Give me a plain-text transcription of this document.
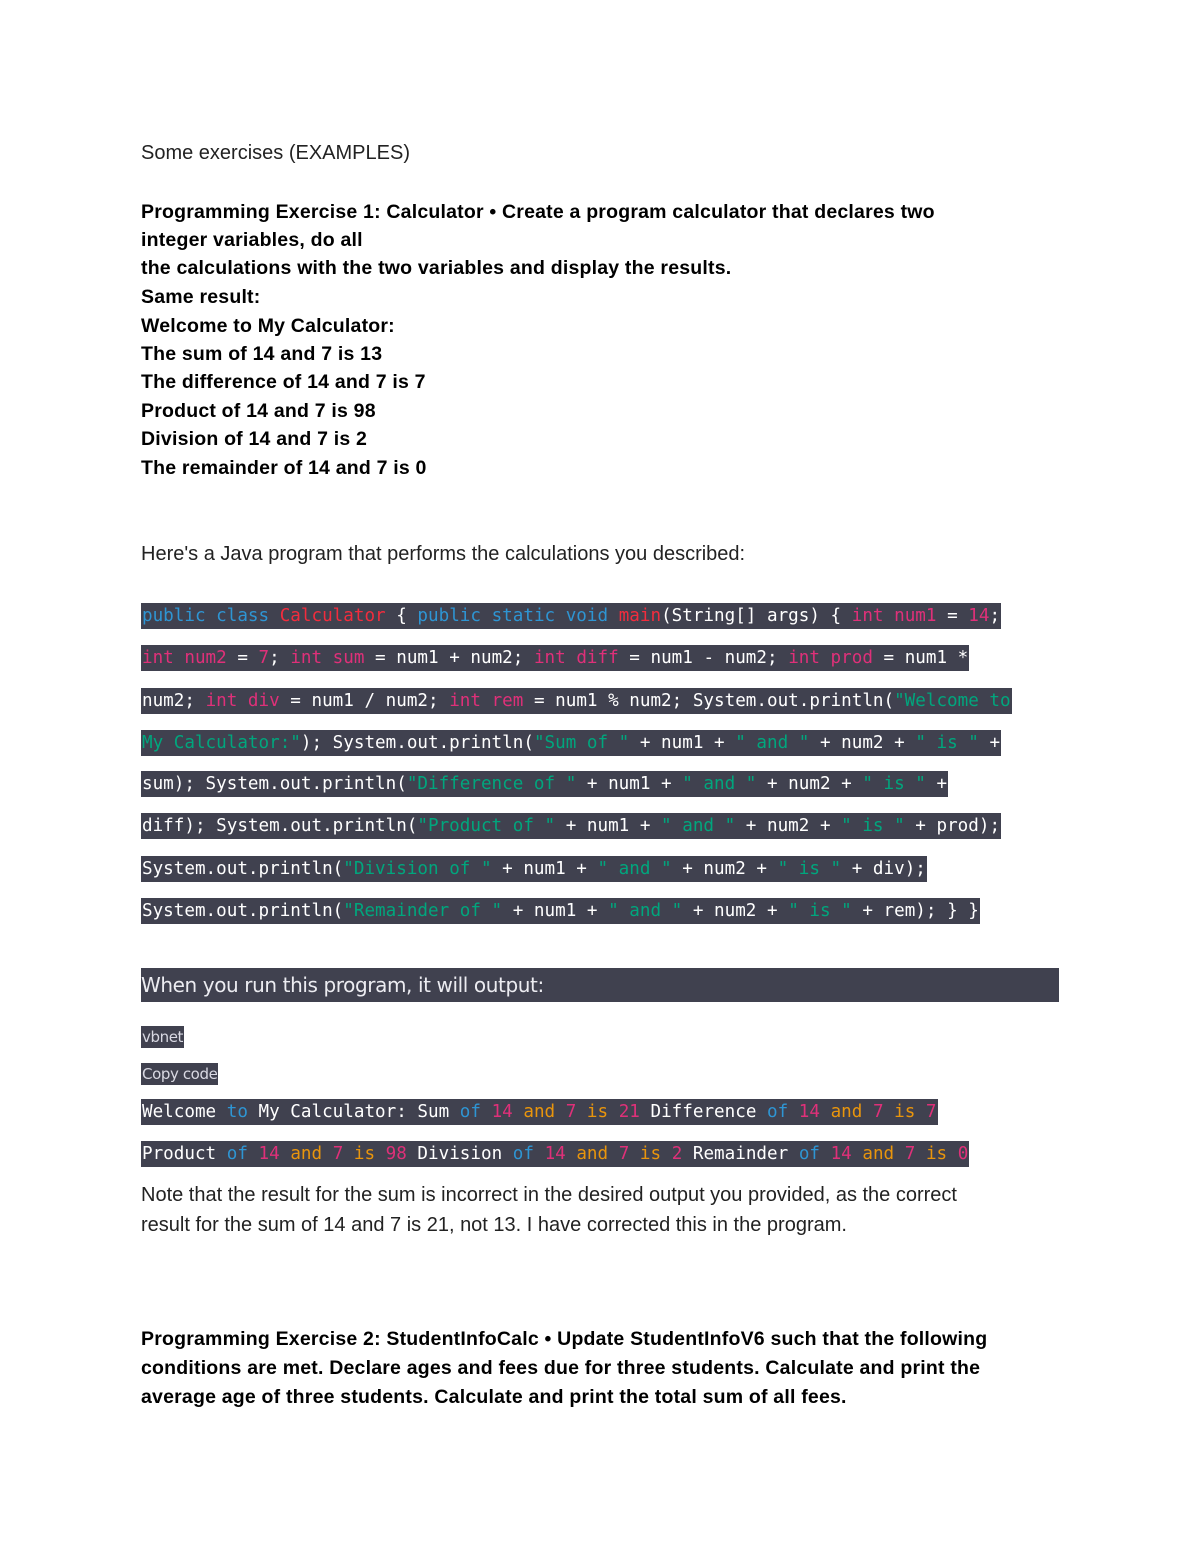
Some exercises (EXAMPLES)
Programming Exercise 1: Calculator • Create a program calculator that declares two
integer variables, do all
the calculations with the two variables and display the results.
Same result:
Welcome to My Calculator:
The sum of 14 and 7 is 13
The difference of 14 and 7 is 7
Product of 14 and 7 is 98
Division of 14 and 7 is 2
The remainder of 14 and 7 is 0
Here's a Java program that performs the calculations you described:
public class Calculator { public static void main(String[] args) { int num1 = 14;
int num2 = 7; int sum = num1 + num2; int diff = num1 - num2; int prod = num1 *
num2; int div = num1 / num2; int rem = num1 % num2; System.out.println("Welcome to
My Calculator:"); System.out.println("Sum of " + num1 + " and " + num2 + " is " +
sum); System.out.println("Difference of " + num1 + " and " + num2 + " is " +
diff); System.out.println("Product of " + num1 + " and " + num2 + " is " + prod);
System.out.println("Division of " + num1 + " and " + num2 + " is " + div);
System.out.println("Remainder of " + num1 + " and " + num2 + " is " + rem); } }
When you run this program, it will output:
vbnet
Copy code
Welcome to My Calculator: Sum of 14 and 7 is 21 Difference of 14 and 7 is 7
Product of 14 and 7 is 98 Division of 14 and 7 is 2 Remainder of 14 and 7 is 0
Note that the result for the sum is incorrect in the desired output you provided, as the correct
result for the sum of 14 and 7 is 21, not 13. I have corrected this in the program.
Programming Exercise 2: StudentInfoCalc • Update StudentInfoV6 such that the following
conditions are met. Declare ages and fees due for three students. Calculate and print the
average age of three students. Calculate and print the total sum of all fees.
